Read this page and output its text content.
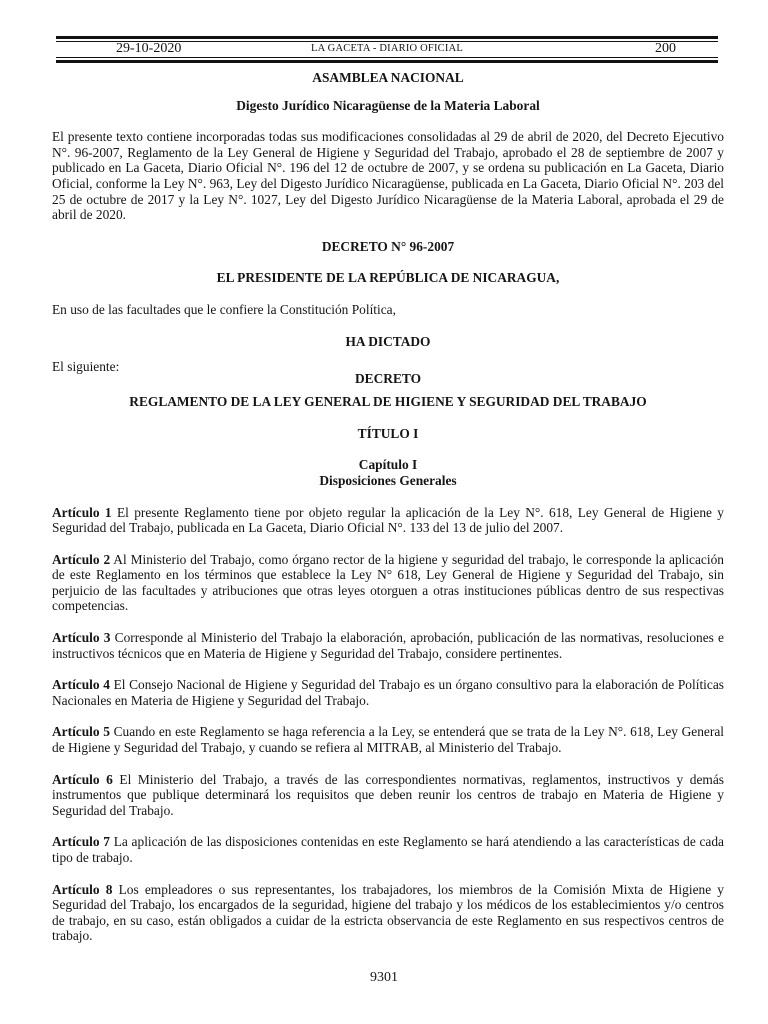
29-10-2020	LA GACETA - DIARIO OFICIAL	200

ASAMBLEA NACIONAL

Digesto Jurídico Nicaragüense de la Materia Laboral

El presente texto contiene incorporadas todas sus modificaciones consolidadas al 29 de abril de 2020, del Decreto Ejecutivo N°. 96-2007, Reglamento de la Ley General de Higiene y Seguridad del Trabajo, aprobado el 28 de septiembre de 2007 y publicado en La Gaceta, Diario Oficial N°. 196 del 12 de octubre de 2007, y se ordena su publicación en La Gaceta, Diario Oficial, conforme la Ley N°. 963, Ley del Digesto Jurídico Nicaragüense, publicada en La Gaceta, Diario Oficial N°. 203 del 25 de octubre de 2017 y la Ley N°. 1027, Ley del Digesto Jurídico Nicaragüense de la Materia Laboral, aprobada el 29 de abril de 2020.

DECRETO N° 96-2007

EL PRESIDENTE DE LA REPÚBLICA DE NICARAGUA,

En uso de las facultades que le confiere la Constitución Política,

HA DICTADO

El siguiente:
DECRETO

REGLAMENTO DE LA LEY GENERAL DE HIGIENE Y SEGURIDAD DEL TRABAJO

TÍTULO I

Capítulo I

Disposiciones Generales

Artículo 1 El presente Reglamento tiene por objeto regular la aplicación de la Ley N°. 618, Ley General de Higiene y Seguridad del Trabajo, publicada en La Gaceta, Diario Oficial N°. 133 del 13 de julio del 2007.

Artículo 2 Al Ministerio del Trabajo, como órgano rector de la higiene y seguridad del trabajo, le corresponde la aplicación de este Reglamento en los términos que establece la Ley N° 618, Ley General de Higiene y Seguridad del Trabajo, sin perjuicio de las facultades y atribuciones que otras leyes otorguen a otras instituciones públicas dentro de sus respectivas competencias.

Artículo 3 Corresponde al Ministerio del Trabajo la elaboración, aprobación, publicación de las normativas, resoluciones e instructivos técnicos que en Materia de Higiene y Seguridad del Trabajo, considere pertinentes.

Artículo 4 El Consejo Nacional de Higiene y Seguridad del Trabajo es un órgano consultivo para la elaboración de Políticas Nacionales en Materia de Higiene y Seguridad del Trabajo.

Artículo 5 Cuando en este Reglamento se haga referencia a la Ley, se entenderá que se trata de la Ley N°. 618, Ley General de Higiene y Seguridad del Trabajo, y cuando se refiera al MITRAB, al Ministerio del Trabajo.

Artículo 6 El Ministerio del Trabajo, a través de las correspondientes normativas, reglamentos, instructivos y demás instrumentos que publique determinará los requisitos que deben reunir los centros de trabajo en Materia de Higiene y Seguridad del Trabajo.

Artículo 7 La aplicación de las disposiciones contenidas en este Reglamento se hará atendiendo a las características de cada tipo de trabajo.

Artículo 8 Los empleadores o sus representantes, los trabajadores, los miembros de la Comisión Mixta de Higiene y Seguridad del Trabajo, los encargados de la seguridad, higiene del trabajo y los médicos de los establecimientos y/o centros de trabajo, en su caso, están obligados a cuidar de la estricta observancia de este Reglamento en sus respectivos centros de trabajo.

9301
